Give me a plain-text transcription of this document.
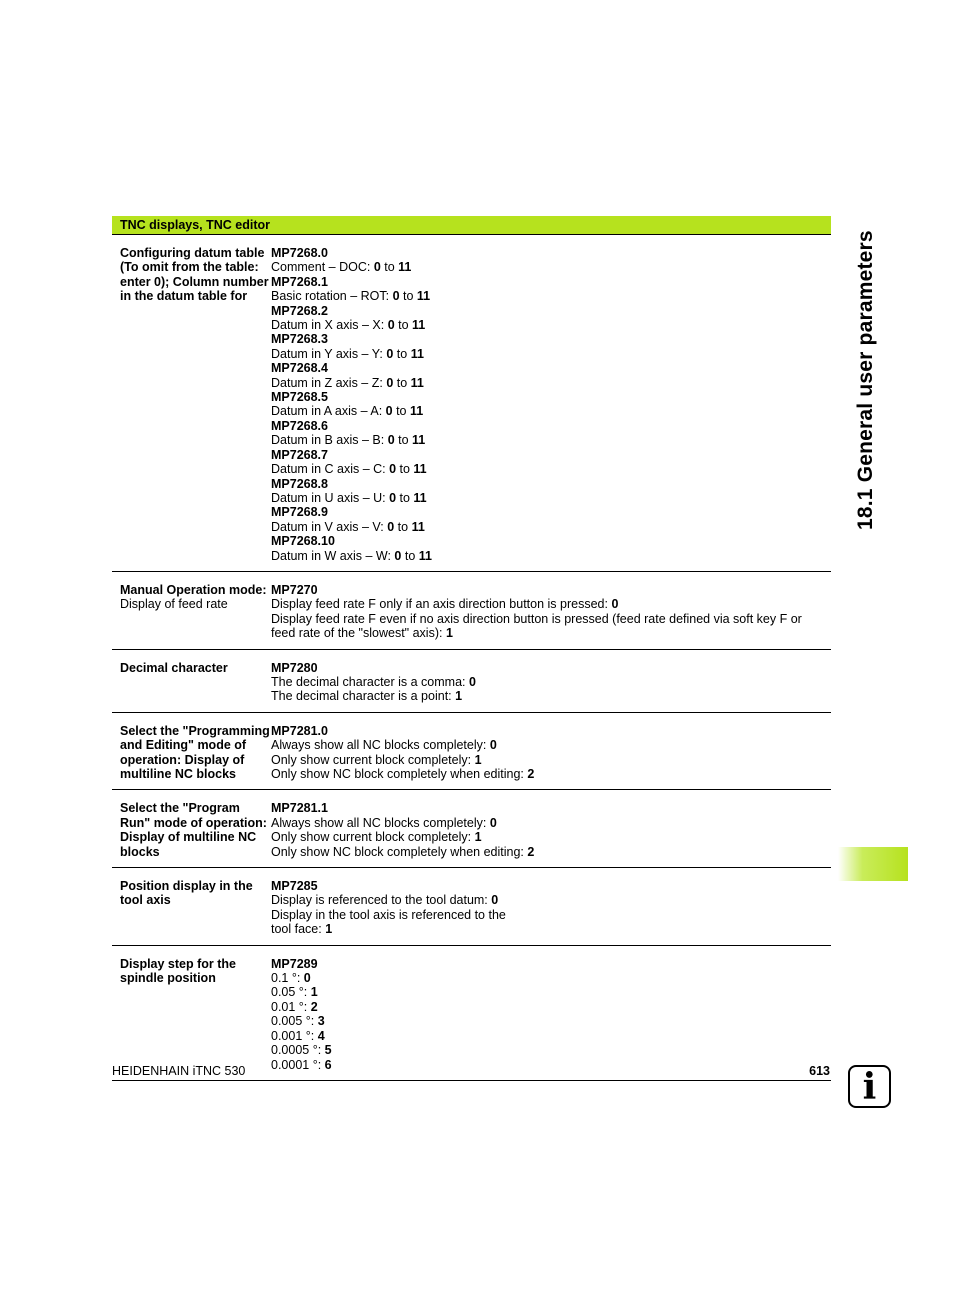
TNC displays, TNC editor
Configuring datum table (To omit from the table: enter 0); Column number in the datum table for
MP7268.0
Comment – DOC: 0 to 11
MP7268.1
Basic rotation – ROT: 0 to 11
MP7268.2
Datum in X axis – X: 0 to 11
MP7268.3
Datum in Y axis – Y: 0 to 11
MP7268.4
Datum in Z axis – Z: 0 to 11
MP7268.5
Datum in A axis – A: 0 to 11
MP7268.6
Datum in B axis – B: 0 to 11
MP7268.7
Datum in C axis – C: 0 to 11
MP7268.8
Datum in U axis – U: 0 to 11
MP7268.9
Datum in V axis – V: 0 to 11
MP7268.10
Datum in W axis – W: 0 to 11
Manual Operation mode: Display of feed rate
MP7270
Display feed rate F only if an axis direction button is pressed: 0
Display feed rate F even if no axis direction button is pressed (feed rate defined via soft key F or feed rate of the "slowest" axis): 1
Decimal character	MP7280
The decimal character is a comma: 0
The decimal character is a point: 1
Select the "Programming and Editing" mode of operation: Display of multiline NC blocks
MP7281.0
Always show all NC blocks completely: 0
Only show current block completely: 1
Only show NC block completely when editing: 2
Select the "Program Run" mode of operation: Display of multiline NC blocks
MP7281.1
Always show all NC blocks completely: 0
Only show current block completely: 1
Only show NC block completely when editing: 2
Position display in the tool axis
MP7285
Display is referenced to the tool datum: 0
Display in the tool axis is referenced to the
tool face: 1
Display step for the spindle position
MP7289
0.1 °: 0
0.05 °: 1
0.01 °: 2
0.005 °: 3
0.001 °: 4
0.0005 °: 5
0.0001 °: 6
18.1 General user parameters
HEIDENHAIN iTNC 530	613 i
